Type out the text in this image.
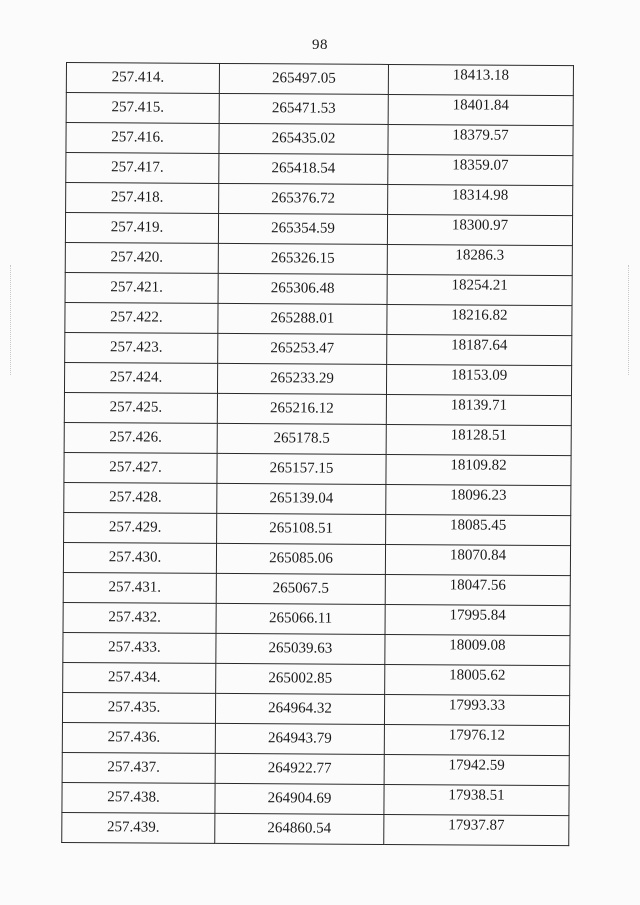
98
257.414.	265497.05	18413.18
257.415.	265471.53	18401.84
257.416.	265435.02	18379.57
257.417.	265418.54	18359.07
257.418.	265376.72	18314.98
257.419.	265354.59	18300.97
257.420.	265326.15	18286.3
257.421.	265306.48	18254.21
257.422.	265288.01	18216.82
257.423.	265253.47	18187.64
257.424.	265233.29	18153.09
257.425.	265216.12	18139.71
257.426.	265178.5	18128.51
257.427.	265157.15	18109.82
257.428.	265139.04	18096.23
257.429.	265108.51	18085.45
257.430.	265085.06	18070.84
257.431.	265067.5	18047.56
257.432.	265066.11	17995.84
257.433.	265039.63	18009.08
257.434.	265002.85	18005.62
257.435.	264964.32	17993.33
257.436.	264943.79	17976.12
257.437.	264922.77	17942.59
257.438.	264904.69	17938.51
257.439.	264860.54	17937.87
